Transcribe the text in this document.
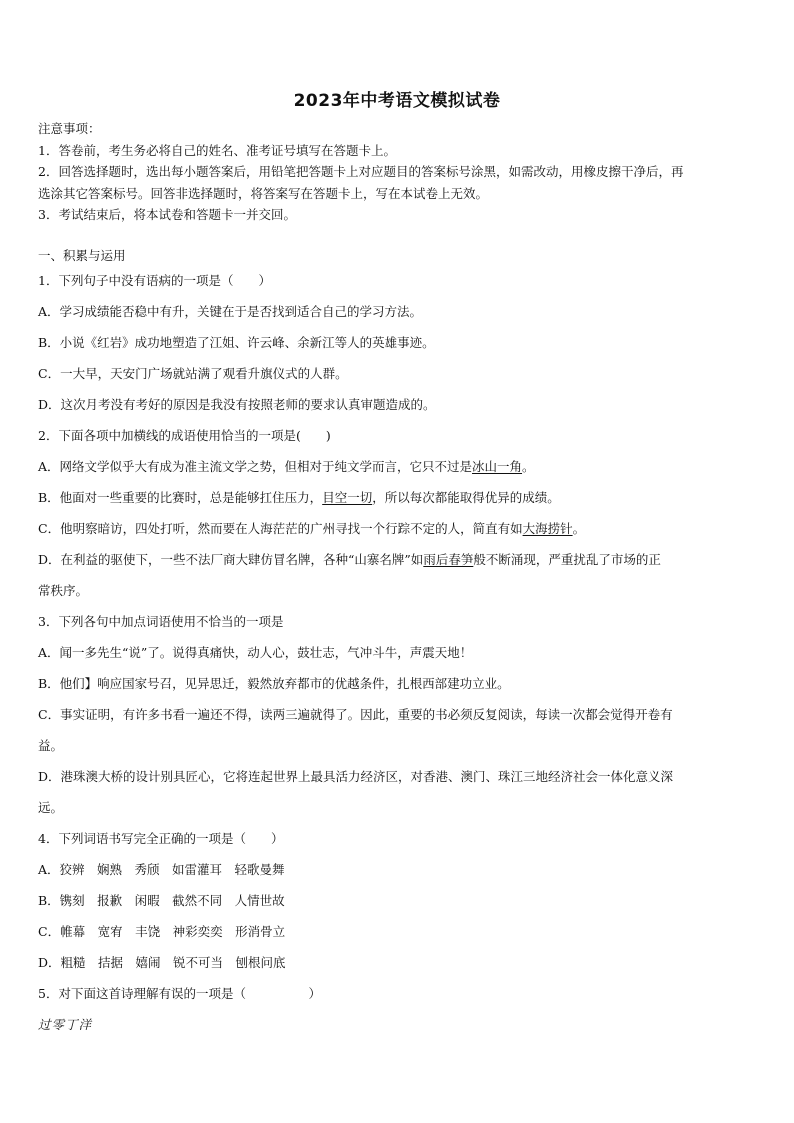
2023年中考语文模拟试卷
注意事项：
1．答卷前，考生务必将自己的姓名、准考证号填写在答题卡上。
2．回答选择题时，选出每小题答案后，用铅笔把答题卡上对应题目的答案标号涂黑，如需改动，用橡皮擦干净后，再
选涂其它答案标号。回答非选择题时，将答案写在答题卡上，写在本试卷上无效。
3．考试结束后，将本试卷和答题卡一并交回。
一、积累与运用
1．下列句子中没有语病的一项是（　　）
A．学习成绩能否稳中有升，关键在于是否找到适合自己的学习方法。
B．小说《红岩》成功地塑造了江姐、许云峰、余新江等人的英雄事迹。
C．一大早，天安门广场就站满了观看升旗仪式的人群。
D．这次月考没有考好的原因是我没有按照老师的要求认真审题造成的。
2．下面各项中加横线的成语使用恰当的一项是(　　)
A．网络文学似乎大有成为准主流文学之势，但相对于纯文学而言，它只不过是冰山一角。
B．他面对一些重要的比赛时，总是能够扛住压力，目空一切，所以每次都能取得优异的成绩。
C．他明察暗访，四处打听，然而要在人海茫茫的广州寻找一个行踪不定的人，简直有如大海捞针。
D．在利益的驱使下，一些不法厂商大肆仿冒名牌，各种“山寨名牌”如雨后春笋般不断涌现，严重扰乱了市场的正
常秩序。
3．下列各句中加点词语使用不恰当的一项是
A．闻一多先生“说”了。说得真痛快，动人心，鼓壮志，气冲斗牛，声震天地！
B．他们】响应国家号召，见异思迁，毅然放弃都市的优越条件，扎根西部建功立业。
C．事实证明，有许多书看一遍还不得，读两三遍就得了。因此，重要的书必须反复阅读，每读一次都会觉得开卷有
益。
D．港珠澳大桥的设计别具匠心，它将连起世界上最具活力经济区，对香港、澳门、珠江三地经济社会一体化意义深
远。
4．下列词语书写完全正确的一项是（　　）
A．狡辨　娴熟　秀颀　如雷灌耳　轻歌曼舞
B．镌刻　报歉　闲暇　截然不同　人情世故
C．帷幕　宽宥　丰饶　神彩奕奕　形消骨立
D．粗糙　拮据　嬉闹　锐不可当　刨根问底
5．对下面这首诗理解有误的一项是（　　　　　）
过零丁洋
